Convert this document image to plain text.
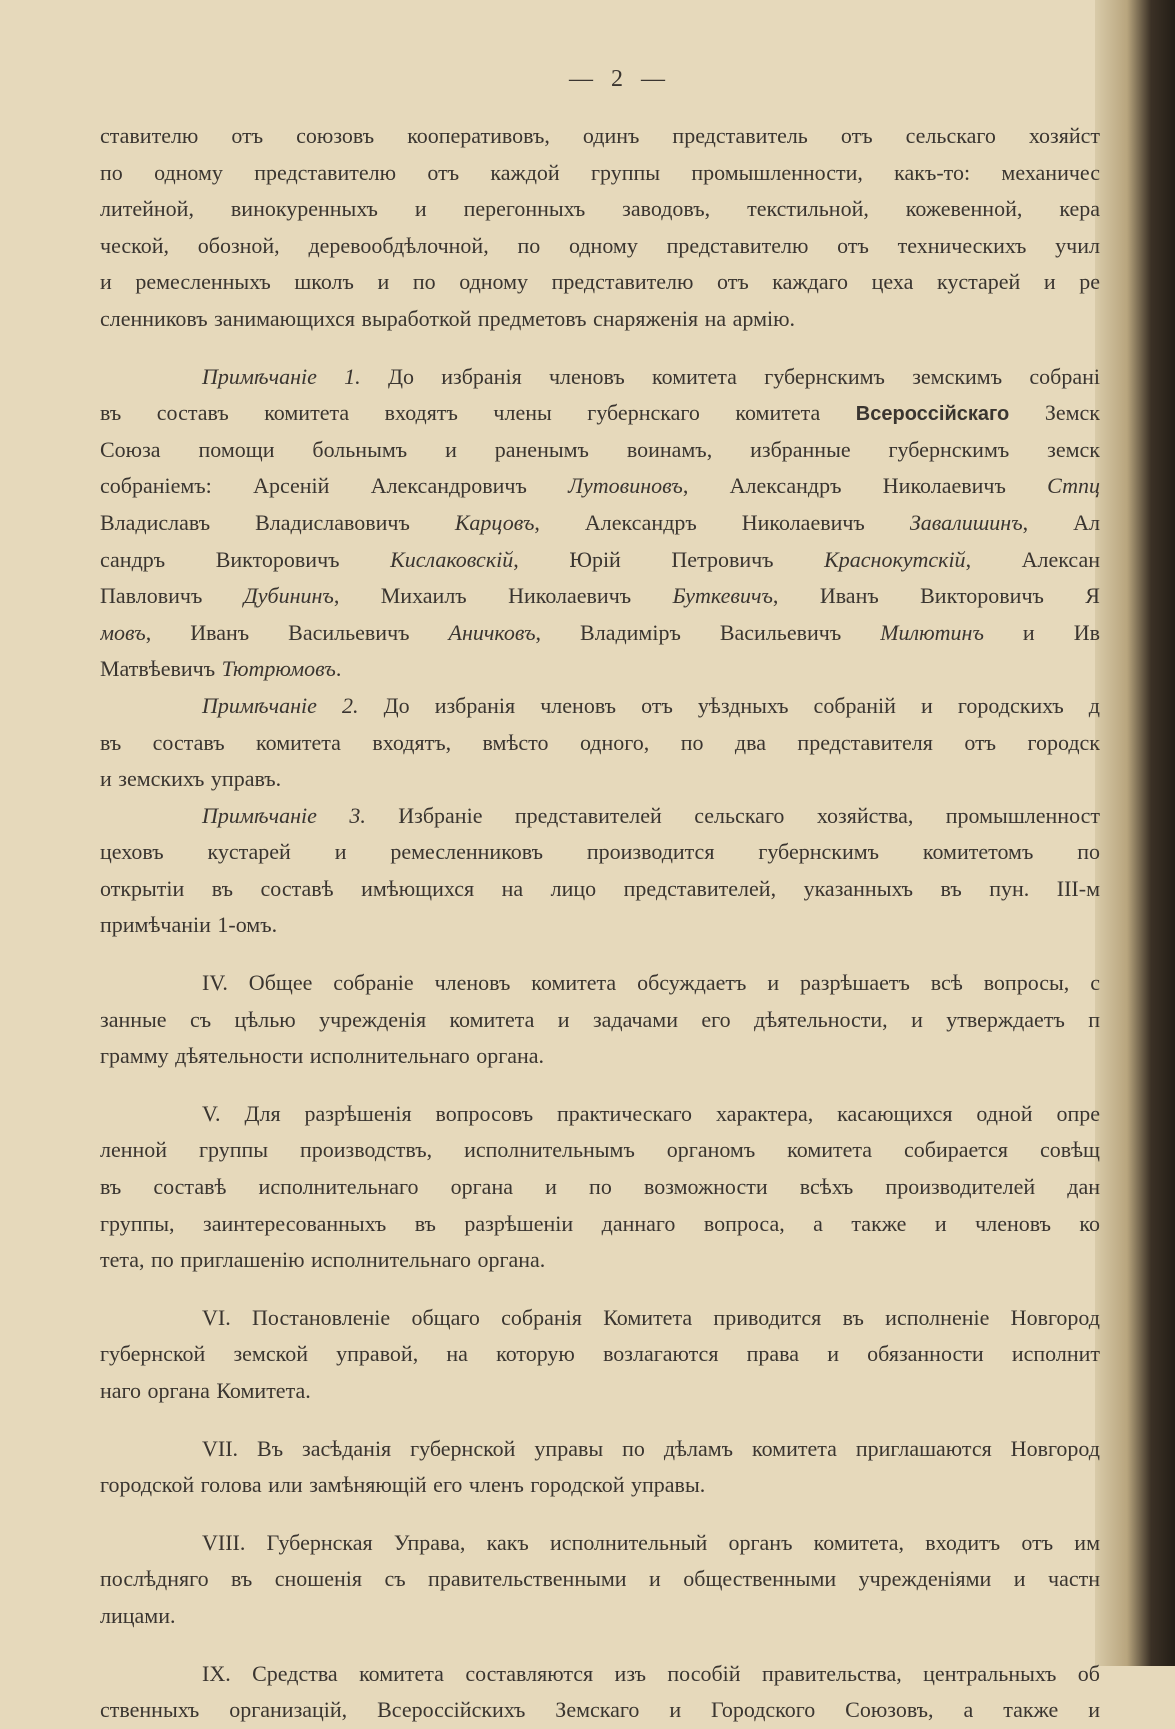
— 2 —
ставителю отъ союзовъ кооперативовъ, одинъ представитель отъ сельскаго хозяйст
по одному представителю отъ каждой группы промышленности, какъ-то: механичес
литейной, винокуренныхъ и перегонныхъ заводовъ, текстильной, кожевенной, кера
ческой, обозной, деревообдѣлочной, по одному представителю отъ техническихъ учил
и ремесленныхъ школъ и по одному представителю отъ каждаго цеха кустарей и ре
сленниковъ занимающихся выработкой предметовъ снаряженія на армію.
Примѣчаніе 1. До избранія членовъ комитета губернскимъ земскимъ собрані
въ составъ комитета входятъ члены губернскаго комитета Всероссійскаго Земск
Союза помощи больнымъ и раненымъ воинамъ, избранные губернскимъ земск
собраніемъ: Арсеній Александровичъ Лутовиновъ, Александръ Николаевичъ Стпц
Владиславъ Владиславовичъ Карцовъ, Александръ Николаевичъ Завалишинъ, Ал
сандръ Викторовичъ Кислаковскій, Юрій Петровичъ Краснокутскій, Алексан
Павловичъ Дубининъ, Михаилъ Николаевичъ Буткевичъ, Иванъ Викторовичъ Я
мовъ, Иванъ Васильевичъ Аничковъ, Владиміръ Васильевичъ Милютинъ и Ив
Матвѣевичъ Тютрюмовъ.
Примѣчаніе 2. До избранія членовъ отъ уѣздныхъ собраній и городскихъ д
въ составъ комитета входятъ, вмѣсто одного, по два представителя отъ городск
и земскихъ управъ.
Примѣчаніе 3. Избраніе представителей сельскаго хозяйства, промышленност
цеховъ кустарей и ремесленниковъ производится губернскимъ комитетомъ по
открытіи въ составѣ имѣющихся на лицо представителей, указанныхъ въ пун. III-м
примѣчаніи 1-омъ.
IV. Общее собраніе членовъ комитета обсуждаетъ и разрѣшаетъ всѣ вопросы, с
занные съ цѣлью учрежденія комитета и задачами его дѣятельности, и утверждаетъ п
грамму дѣятельности исполнительнаго органа.
V. Для разрѣшенія вопросовъ практическаго характера, касающихся одной опре
ленной группы производствъ, исполнительнымъ органомъ комитета собирается совѣщ
въ составѣ исполнительнаго органа и по возможности всѣхъ производителей дан
группы, заинтересованныхъ въ разрѣшеніи даннаго вопроса, а также и членовъ ко
тета, по приглашенію исполнительнаго органа.
VI. Постановленіе общаго собранія Комитета приводится въ исполненіе Новгород
губернской земской управой, на которую возлагаются права и обязанности исполнит
наго органа Комитета.
VII. Въ засѣданія губернской управы по дѣламъ комитета приглашаются Новгород
городской голова или замѣняющій его членъ городской управы.
VIII. Губернская Управа, какъ исполнительный органъ комитета, входитъ отъ им
послѣдняго въ сношенія съ правительственными и общественными учрежденіями и частн
лицами.
IX. Средства комитета составляются изъ пособій правительства, центральныхъ об
ственныхъ организацій, Всероссійскихъ Земскаго и Городского Союзовъ, а также и
